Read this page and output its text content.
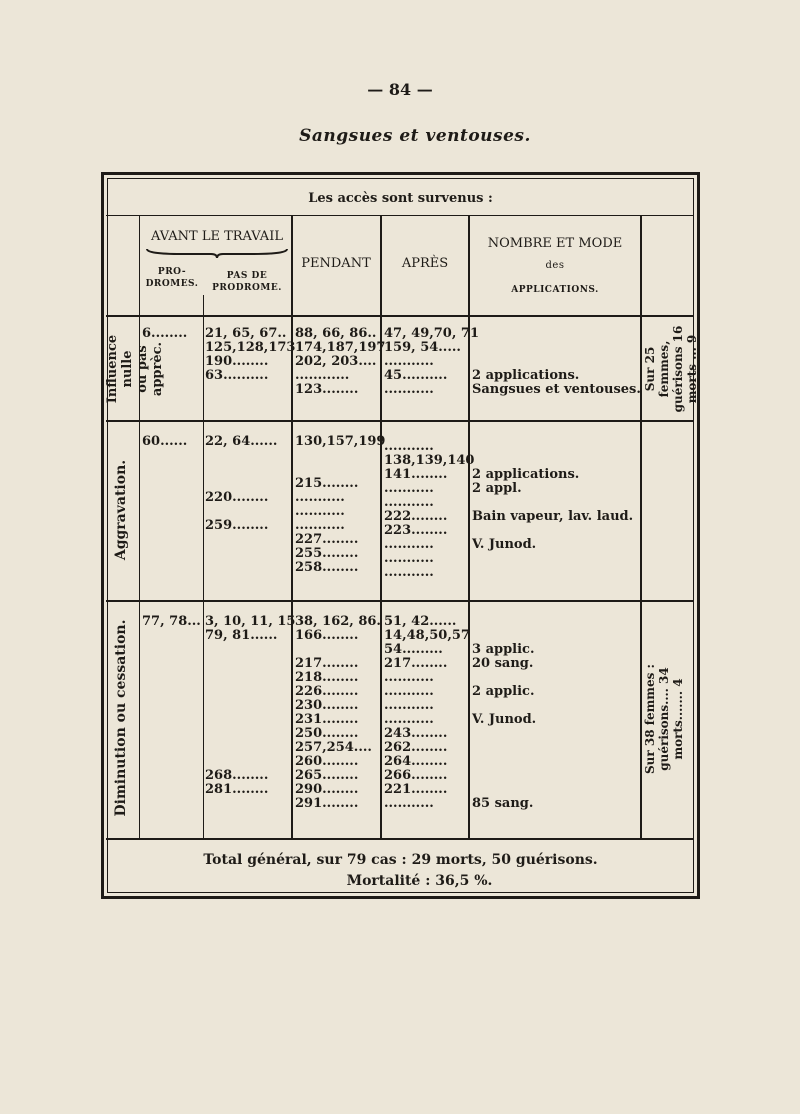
— 84 —
Sangsues et ventouses.
Les accès sont survenus :
AVANT LE TRAVAIL
PRO-
DROMES.
PAS DE
PRODROME.
PENDANT	APRÈS
NOMBRE ET MODE
des
APPLICATIONS.
Influence nulle
ou pas apprèc.
Aggravation.
Diminution ou cessation.
Sur 25 femmes,
guérisons 16
morts ... 9
Sur 38 femmes :
guérisons.... 34
morts....... 4
6........ 21, 65, 67..
125,128,173
190........
63..........
88, 66, 86..
174,187,197
202, 203....
............
123........
47, 49,70, 71
159, 54.....
...........
45..........
...........
2 applications.
Sangsues et ventouses.
60...... 22, 64......
220........
259........
130,157,199
215........
...........
...........
...........
227........
255........
258........
...........
138,139,140
141........
...........
...........
222........
223........
...........
...........
...........
2 applications.
2 appl.
Bain vapeur, lav. laud.
V. Junod.
77, 78... 3, 10, 11, 15
79, 81......
268........
281........
38, 162, 86.
166........
217........
218........
226........
230........
231........
250........
257,254....
260........
265........
290........
291........
51, 42......
14,48,50,57
54.........
217........
...........
...........
...........
...........
243........
262........
264........
266........
221........
...........
3 applic.
20 sang.
2 applic.
V. Junod.
85 sang.
Total général, sur 79 cas : 29 morts, 50 guérisons.
Mortalité : 36,5 %.
